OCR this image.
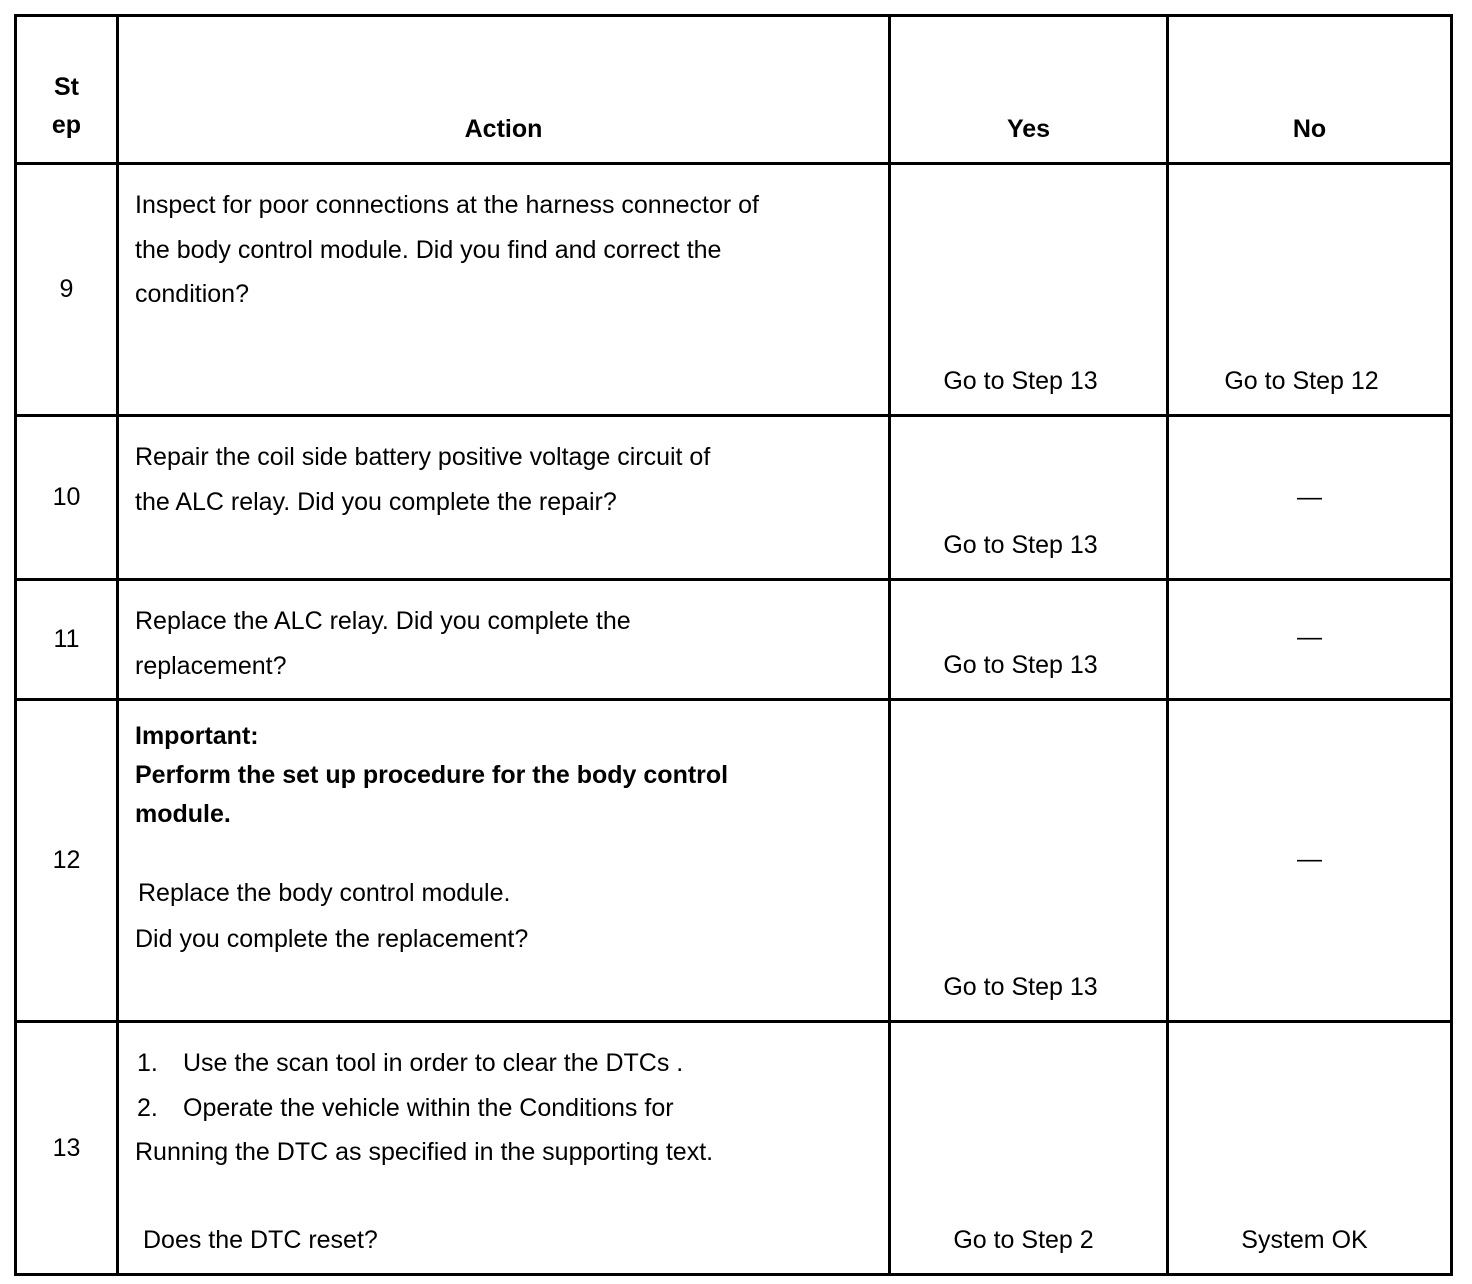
St
ep	Action	Yes	No
9	Inspect for poor connections at the harness connector of
the body control module. Did you find and correct the
condition?	Go to Step 13	Go to Step 12

10	Repair the coil side battery positive voltage circuit of
the ALC relay. Did you complete the repair?	Go to Step 13	—

11	Replace the ALC relay. Did you complete the
replacement?	Go to Step 13	—

12	Important:
Perform the set up procedure for the body control
module.
Replace the body control module.
Did you complete the replacement?	Go to Step 13	—

13	1. Use the scan tool in order to clear the DTCs .
2. Operate the vehicle within the Conditions for
Running the DTC as specified in the supporting text.
Does the DTC reset?	Go to Step 2	System OK
